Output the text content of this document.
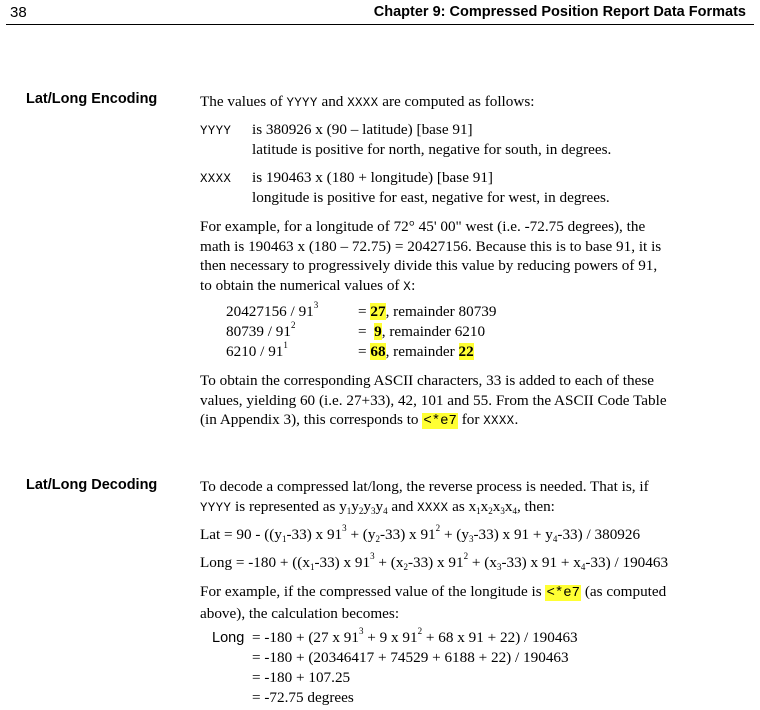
38	Chapter 9: Compressed Position Report Data Formats
Lat/Long Encoding	The values of YYYY and XXXX are computed as follows:
YYYY is 380926 x (90 – latitude) [base 91]
latitude is positive for north, negative for south, in degrees.
XXXX is 190463 x (180 + longitude) [base 91]
longitude is positive for east, negative for west, in degrees.
For example, for a longitude of 72° 45' 00" west (i.e. -72.75 degrees), the
math is 190463 x (180 – 72.75) = 20427156. Because this is to base 91, it is
then necessary to progressively divide this value by reducing powers of 91,
to obtain the numerical values of X:
$20427156 / 91^3$	= 27, remainder 80739
$80739 / 91^2$	=  9, remainder 6210
$6210 / 91^1$	= 68, remainder 22
To obtain the corresponding ASCII characters, 33 is added to each of these
values, yielding 60 (i.e. 27+33), 42, 101 and 55. From the ASCII Code Table
(in Appendix 3), this corresponds to <*e7 for XXXX.
Lat/Long Decoding	To decode a compressed lat/long, the reverse process is needed. That is, if
YYYY is represented as $y_1y_2y_3y_4$ and XXXX as $x_1x_2x_3x_4$, then:
Lat = $90 - ((y_1-33)$ x $91^3 + (y_2-33)$ x $91^2 + (y_3-33)$ x $91 + y_4-33) / 380926$
Long = $-180 + ((x_1-33)$ x $91^3 + (x_2-33)$ x $91^2 + (x_3-33)$ x $91 + x_4-33) / 190463$
For example, if the compressed value of the longitude is <*e7 (as computed
above), the calculation becomes:
Long = -180 + (27 x $91^3 + 9$ x $91^2 + 68$ x 91 + 22) / 190463
= -180 + (20346417 + 74529 + 6188 + 22) / 190463
= -180 + 107.25
= -72.75 degrees
